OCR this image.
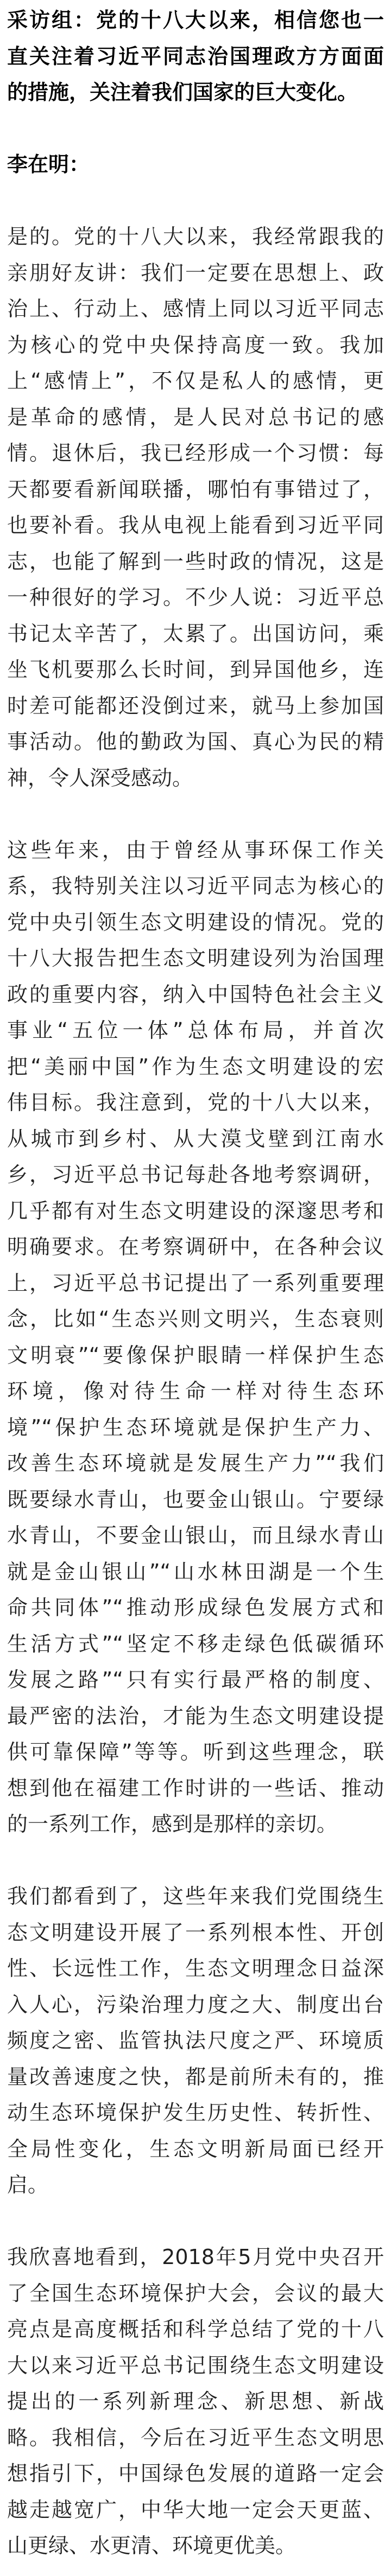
采访组：党的十八大以来，相信您也一
直关注着习近平同志治国理政方方面面
的措施，关注着我们国家的巨大变化。
李在明：
是的。党的十八大以来，我经常跟我的
亲朋好友讲：我们一定要在思想上、政
治上、行动上、感情上同以习近平同志
为核心的党中央保持高度一致。我加
上“感情上”，不仅是私人的感情，更
是革命的感情，是人民对总书记的感
情。退休后，我已经形成一个习惯：每
天都要看新闻联播，哪怕有事错过了，
也要补看。我从电视上能看到习近平同
志，也能了解到一些时政的情况，这是
一种很好的学习。不少人说：习近平总
书记太辛苦了，太累了。出国访问，乘
坐飞机要那么长时间，到异国他乡，连
时差可能都还没倒过来，就马上参加国
事活动。他的勤政为国、真心为民的精
神，令人深受感动。
这些年来，由于曾经从事环保工作关
系，我特别关注以习近平同志为核心的
党中央引领生态文明建设的情况。党的
十八大报告把生态文明建设列为治国理
政的重要内容，纳入中国特色社会主义
事业“五位一体”总体布局，并首次
把“美丽中国”作为生态文明建设的宏
伟目标。我注意到，党的十八大以来，
从城市到乡村、从大漠戈壁到江南水
乡，习近平总书记每赴各地考察调研，
几乎都有对生态文明建设的深邃思考和
明确要求。在考察调研中，在各种会议
上，习近平总书记提出了一系列重要理
念，比如“生态兴则文明兴，生态衰则
文明衰”“要像保护眼睛一样保护生态
环境，像对待生命一样对待生态环
境”“保护生态环境就是保护生产力、
改善生态环境就是发展生产力”“我们
既要绿水青山，也要金山银山。宁要绿
水青山，不要金山银山，而且绿水青山
就是金山银山”“山水林田湖是一个生
命共同体”“推动形成绿色发展方式和
生活方式”“坚定不移走绿色低碳循环
发展之路”“只有实行最严格的制度、
最严密的法治，才能为生态文明建设提
供可靠保障”等等。听到这些理念，联
想到他在福建工作时讲的一些话、推动
的一系列工作，感到是那样的亲切。
我们都看到了，这些年来我们党围绕生
态文明建设开展了一系列根本性、开创
性、长远性工作，生态文明理念日益深
入人心，污染治理力度之大、制度出台
频度之密、监管执法尺度之严、环境质
量改善速度之快，都是前所未有的，推
动生态环境保护发生历史性、转折性、
全局性变化，生态文明新局面已经开
启。
我欣喜地看到，2018年5月党中央召开
了全国生态环境保护大会，会议的最大
亮点是高度概括和科学总结了党的十八
大以来习近平总书记围绕生态文明建设
提出的一系列新理念、新思想、新战
略。我相信，今后在习近平生态文明思
想指引下，中国绿色发展的道路一定会
越走越宽广，中华大地一定会天更蓝、
山更绿、水更清、环境更优美。
